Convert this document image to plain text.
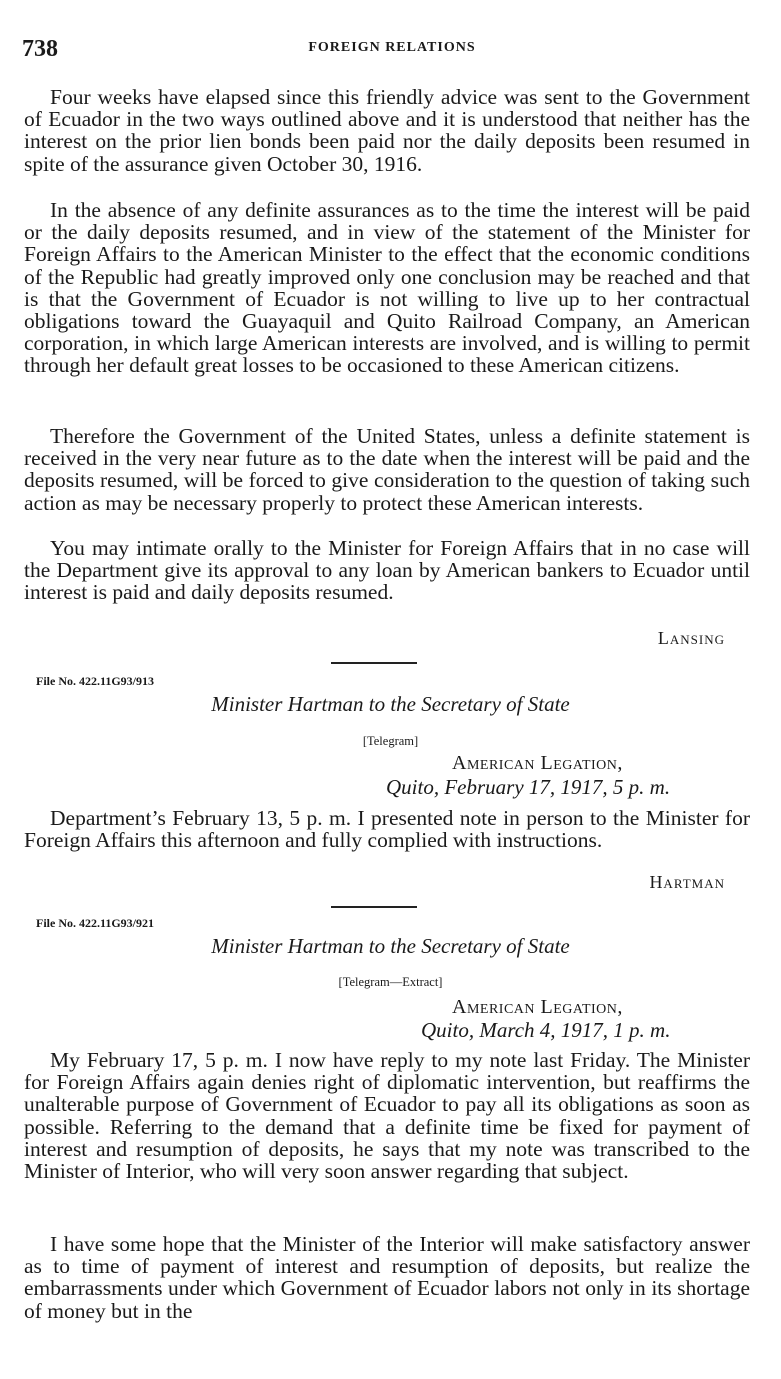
738	FOREIGN RELATIONS

Four weeks have elapsed since this friendly advice was sent to the Government of Ecuador in the two ways outlined above and it is understood that neither has the interest on the prior lien bonds been paid nor the daily deposits been resumed in spite of the assurance given October 30, 1916.

In the absence of any definite assurances as to the time the interest will be paid or the daily deposits resumed, and in view of the statement of the Minister for Foreign Affairs to the American Minister to the effect that the economic conditions of the Republic had greatly improved only one conclusion may be reached and that is that the Government of Ecuador is not willing to live up to her contractual obligations toward the Guayaquil and Quito Railroad Company, an American corporation, in which large American interests are involved, and is willing to permit through her default great losses to be occasioned to these American citizens.

Therefore the Government of the United States, unless a definite statement is received in the very near future as to the date when the interest will be paid and the deposits resumed, will be forced to give consideration to the question of taking such action as may be necessary properly to protect these American interests.

You may intimate orally to the Minister for Foreign Affairs that in no case will the Department give its approval to any loan by American bankers to Ecuador until interest is paid and daily deposits resumed.

Lansing
File No. 422.11G93/913
Minister Hartman to the Secretary of State
[Telegram]
American Legation,
Quito, February 17, 1917, 5 p. m.

Department’s February 13, 5 p. m. I presented note in person to the Minister for Foreign Affairs this afternoon and fully complied with instructions.

Hartman
File No. 422.11G93/921
Minister Hartman to the Secretary of State
[Telegram—Extract]
American Legation,
Quito, March 4, 1917, 1 p. m.

My February 17, 5 p. m. I now have reply to my note last Friday. The Minister for Foreign Affairs again denies right of diplomatic intervention, but reaffirms the unalterable purpose of Government of Ecuador to pay all its obligations as soon as possible. Referring to the demand that a definite time be fixed for payment of interest and resumption of deposits, he says that my note was transcribed to the Minister of Interior, who will very soon answer regarding that subject.

I have some hope that the Minister of the Interior will make satisfactory answer as to time of payment of interest and resumption of deposits, but realize the embarrassments under which Government of Ecuador labors not only in its shortage of money but in the
